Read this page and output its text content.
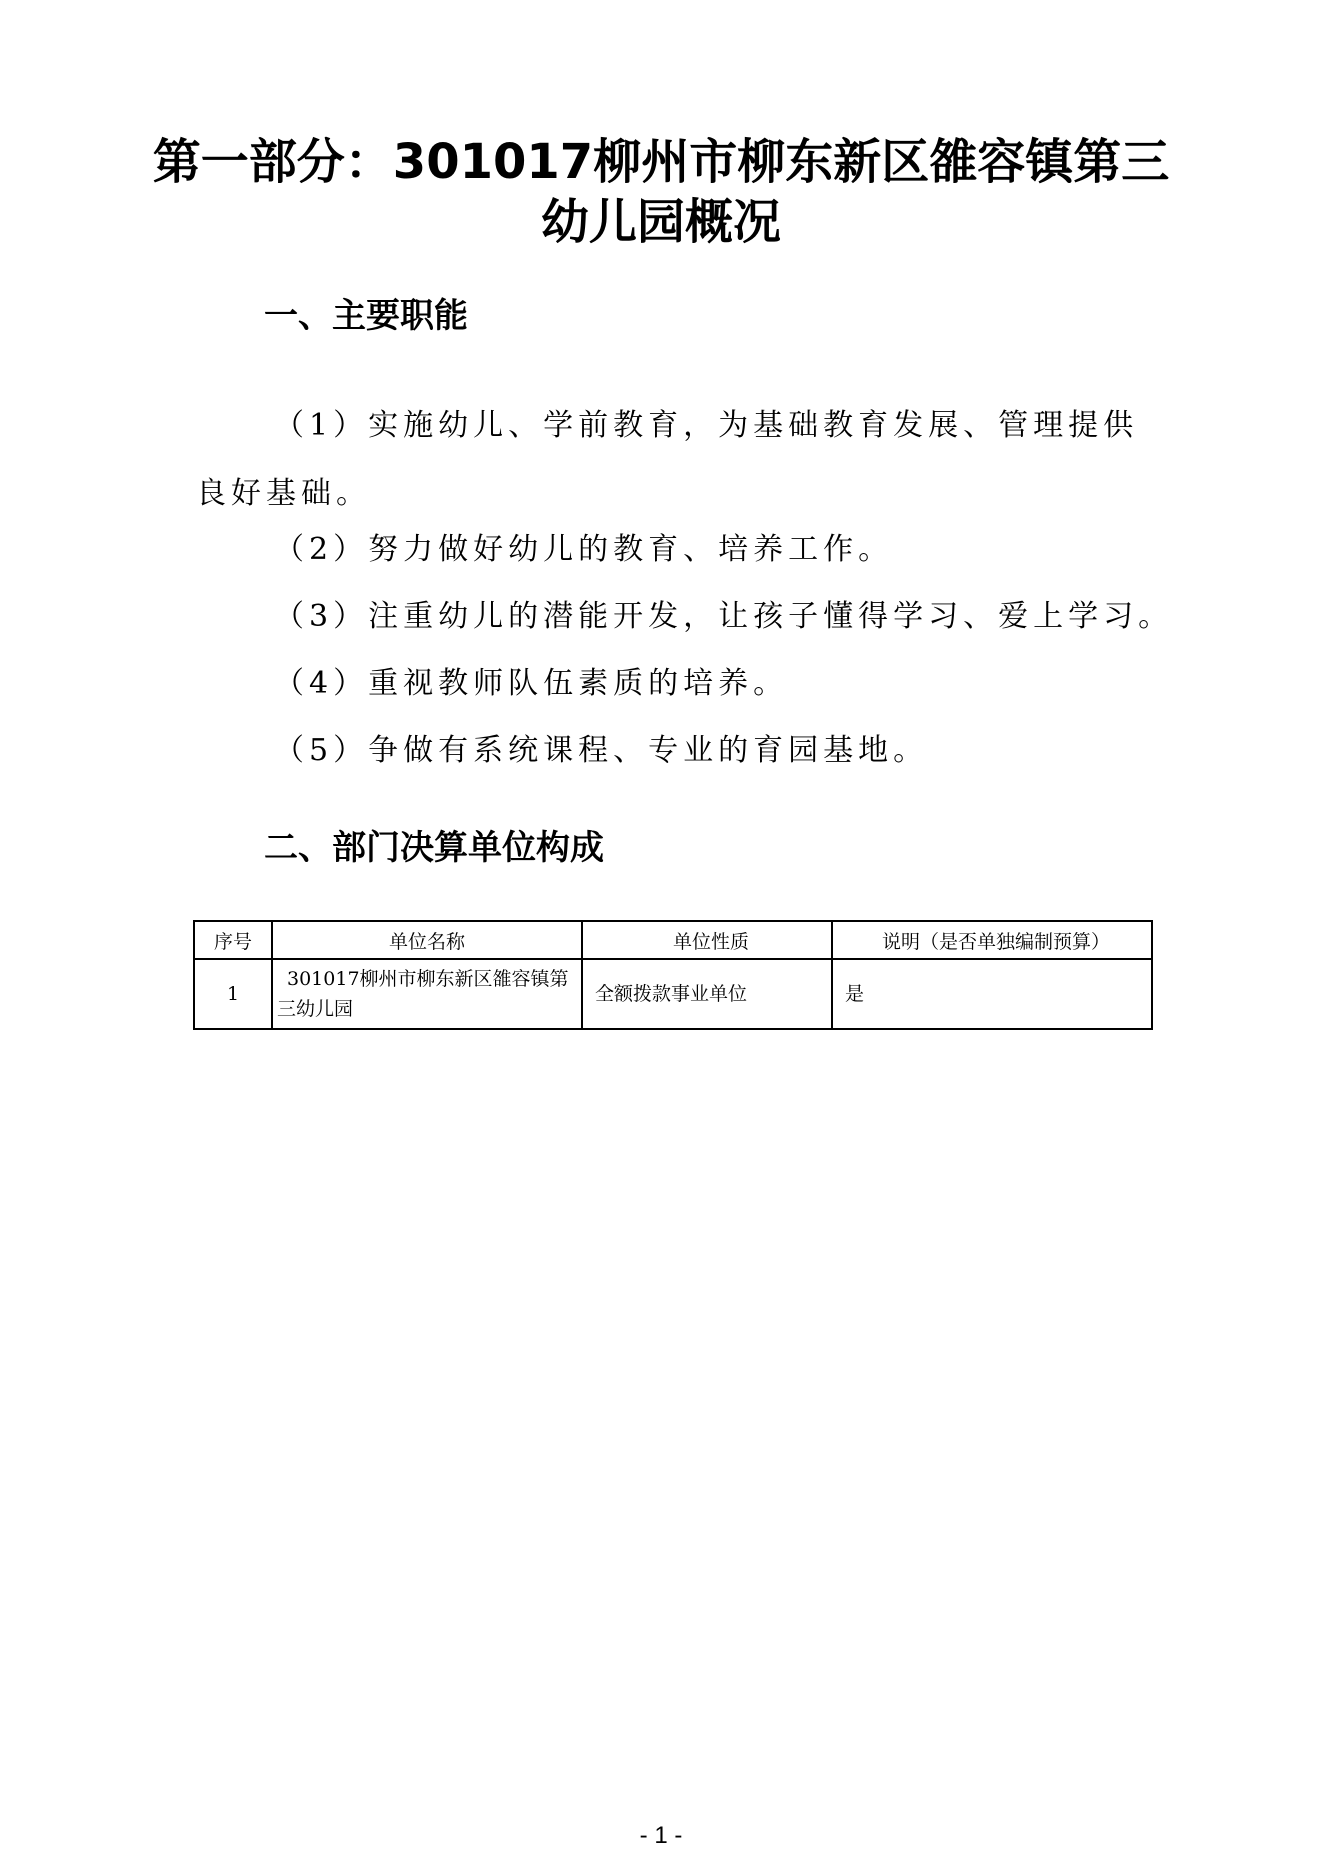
第一部分：301017柳州市柳东新区雒容镇第三幼儿园概况
一、主要职能

（1）实施幼儿、学前教育，为基础教育发展、管理提供良好基础。

（2）努力做好幼儿的教育、培养工作。

（3）注重幼儿的潜能开发，让孩子懂得学习、爱上学习。

（4）重视教师队伍素质的培养。

（5）争做有系统课程、专业的育园基地。

二、部门决算单位构成
序号	单位名称	单位性质	说明（是否单独编制预算）
1	301017柳州市柳东新区雒容镇第三幼儿园	全额拨款事业单位	是

- 1 -
